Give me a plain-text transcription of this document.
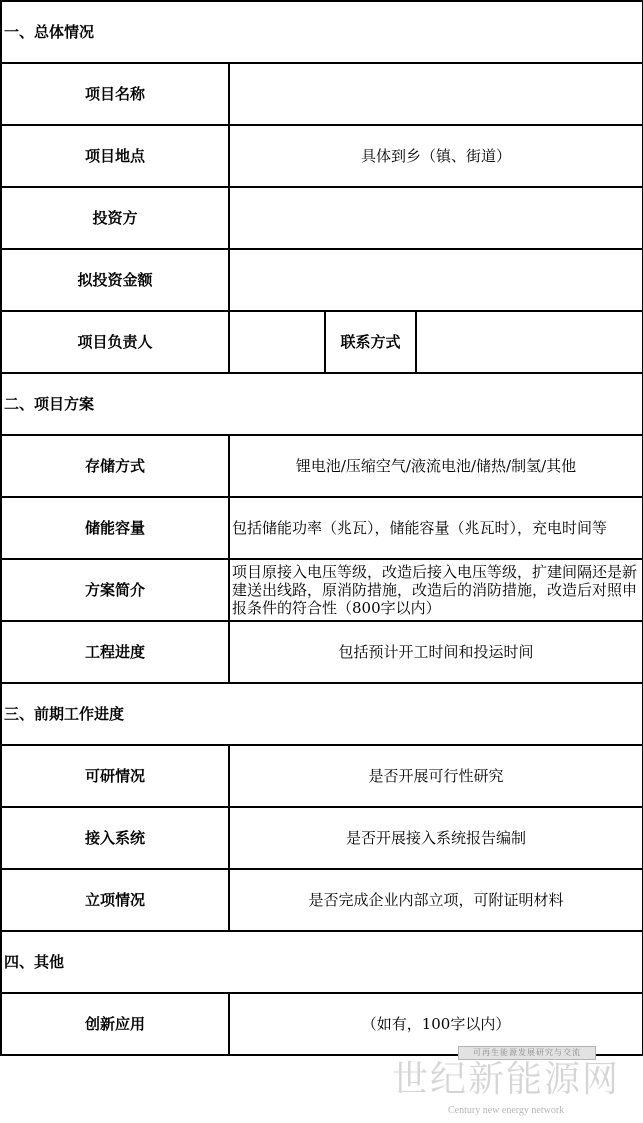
一、总体情况			
项目名称			
项目地点	具体到乡（镇、街道）		
投资方			
拟投资金额			
项目负责人		联系方式	
二、项目方案			
存储方式	锂电池/压缩空气/液流电池/储热/制氢/其他		
储能容量	包括储能功率（兆瓦），储能容量（兆瓦时），充电时间等		
方案简介	项目原接入电压等级，改造后接入电压等级，扩建间隔还是新建送出线路，原消防措施，改造后的消防措施，改造后对照申报条件的符合性（800字以内）		
工程进度	包括预计开工时间和投运时间		
三、前期工作进度			
可研情况	是否开展可行性研究		
接入系统	是否开展接入系统报告编制		
立项情况	是否完成企业内部立项，可附证明材料		
四、其他			
创新应用	（如有，100字以内）		
可再生能源发展研究与交流
世纪新能源网
Century new energy network
